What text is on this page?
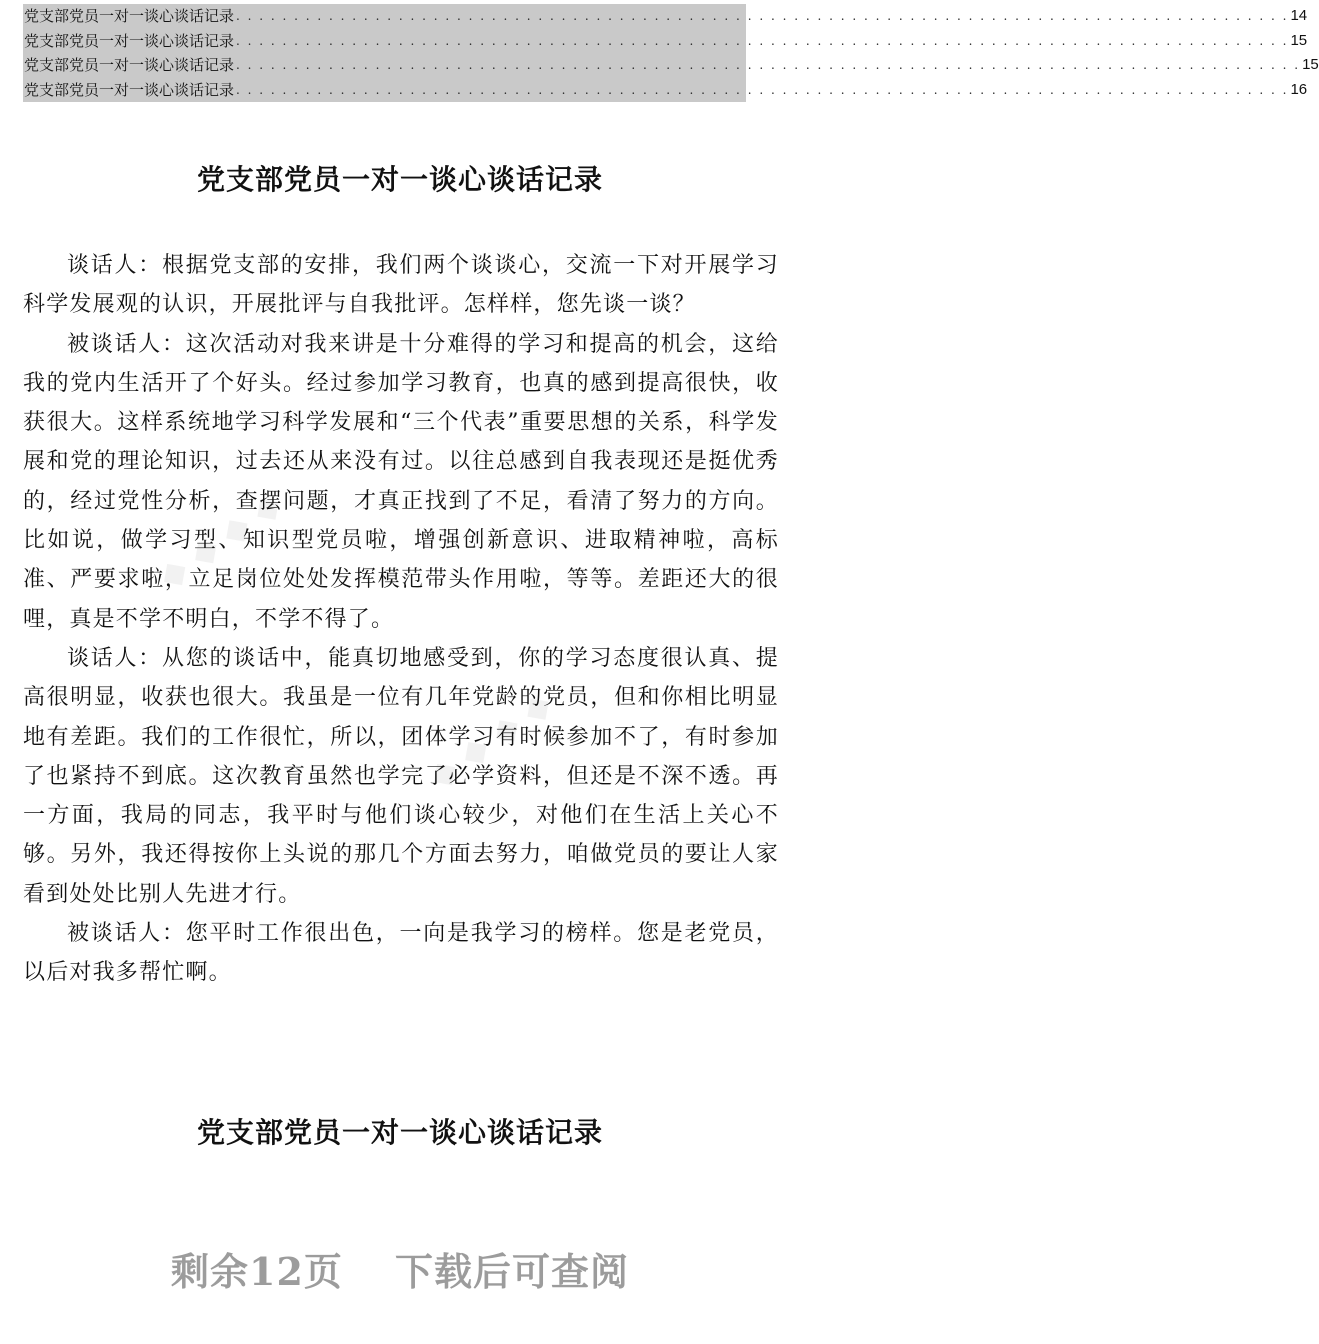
党支部党员一对一谈心谈话记录 . . . . . . . . . . . . . . . . . . . . . . . . . . . . . . . . . . . . . . . . . . . . . . . . . . . . . . . . . . . . . . . . . . . . . . . . . . . . . . . . . . . . . . . . . . . 14
党支部党员一对一谈心谈话记录 . . . . . . . . . . . . . . . . . . . . . . . . . . . . . . . . . . . . . . . . . . . . . . . . . . . . . . . . . . . . . . . . . . . . . . . . . . . . . . . . . . . . . . . . . . . 15
党支部党员一对一谈心谈话记录 . . . . . . . . . . . . . . . . . . . . . . . . . . . . . . . . . . . . . . . . . . . . . . . . . . . . . . . . . . . . . . . . . . . . . . . . . . . . . . . . . . . . . . . . . . . . 15
党支部党员一对一谈心谈话记录 . . . . . . . . . . . . . . . . . . . . . . . . . . . . . . . . . . . . . . . . . . . . . . . . . . . . . . . . . . . . . . . . . . . . . . . . . . . . . . . . . . . . . . . . . . . 16
党支部党员一对一谈心谈话记录

谈话人：根据党支部的安排，我们两个谈谈心，交流一下对开展学习科学发展观的认识，开展批评与自我批评。怎样样，您先谈一谈？

被谈话人：这次活动对我来讲是十分难得的学习和提高的机会，这给我的党内生活开了个好头。经过参加学习教育，也真的感到提高很快，收获很大。这样系统地学习科学发展和“三个代表”重要思想的关系，科学发展和党的理论知识，过去还从来没有过。以往总感到自我表现还是挺优秀的，经过党性分析，查摆问题，才真正找到了不足，看清了努力的方向。比如说，做学习型、知识型党员啦，增强创新意识、进取精神啦，高标准、严要求啦，立足岗位处处发挥模范带头作用啦，等等。差距还大的很哩，真是不学不明白，不学不得了。

谈话人：从您的谈话中，能真切地感受到，你的学习态度很认真、提高很明显，收获也很大。我虽是一位有几年党龄的党员，但和你相比明显地有差距。我们的工作很忙，所以，团体学习有时候参加不了，有时参加了也紧持不到底。这次教育虽然也学完了必学资料，但还是不深不透。再一方面，我局的同志，我平时与他们谈心较少，对他们在生活上关心不够。另外，我还得按你上头说的那几个方面去努力，咱做党员的要让人家看到处处比别人先进才行。

被谈话人：您平时工作很出色，一向是我学习的榜样。您是老党员，以后对我多帮忙啊。

◆ ◆ ◆ ◆
◆ ◆ ◆ ◆
党支部党员一对一谈心谈话记录
剩余12页 下载后可查阅
